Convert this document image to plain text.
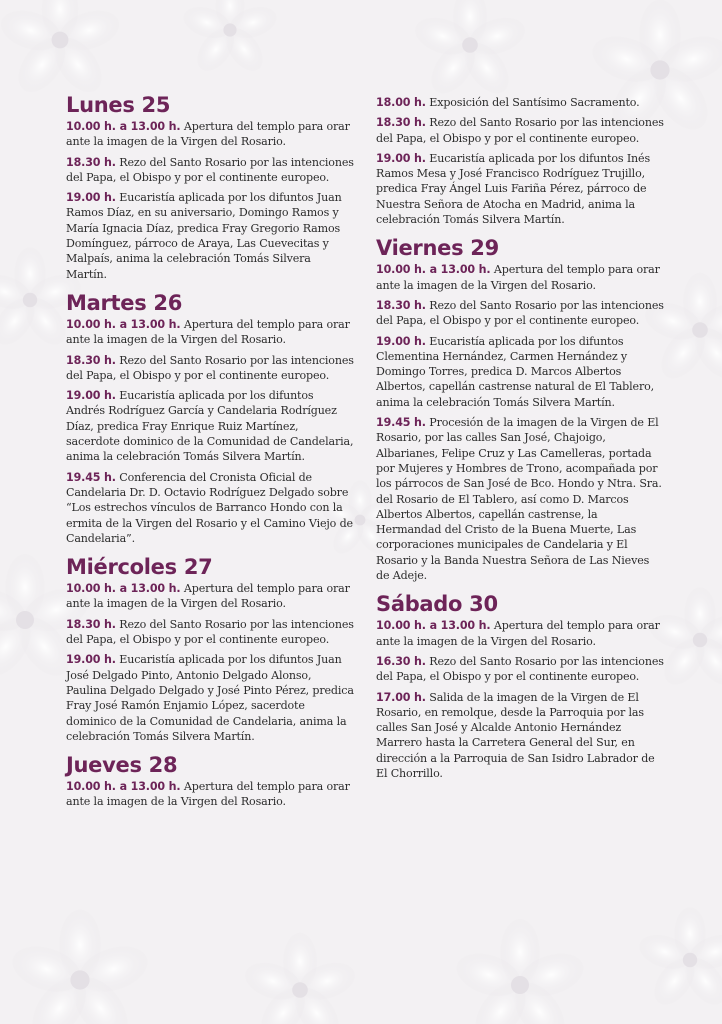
Lunes 25

10.00 h. a 13.00 h. Apertura del templo para orar ante la imagen de la Virgen del Rosario.

18.30 h. Rezo del Santo Rosario por las intenciones del Papa, el Obispo y por el continente europeo.

19.00 h. Eucaristía aplicada por los difuntos Juan Ramos Díaz, en su aniversario, Domingo Ramos y María Ignacia Díaz, predica Fray Gregorio Ramos Domínguez, párroco de Araya, Las Cuevecitas y Malpaís, anima la celebración Tomás Silvera Martín.

Martes 26

10.00 h. a 13.00 h. Apertura del templo para orar ante la imagen de la Virgen del Rosario.

18.30 h. Rezo del Santo Rosario por las intenciones del Papa, el Obispo y por el continente europeo.

19.00 h. Eucaristía aplicada por los difuntos Andrés Rodríguez García y Candelaria Rodríguez Díaz, predica Fray Enrique Ruiz Martínez, sacerdote dominico de la Comunidad de Candelaria, anima la celebración Tomás Silvera Martín.

19.45 h. Conferencia del Cronista Oficial de Candelaria Dr. D. Octavio Rodríguez Delgado sobre “Los estrechos vínculos de Barranco Hondo con la ermita de la Virgen del Rosario y el Camino Viejo de Candelaria”.

Miércoles 27

10.00 h. a 13.00 h. Apertura del templo para orar ante la imagen de la Virgen del Rosario.

18.30 h. Rezo del Santo Rosario por las intenciones del Papa, el Obispo y por el continente europeo.

19.00 h. Eucaristía aplicada por los difuntos Juan José Delgado Pinto, Antonio Delgado Alonso, Paulina Delgado Delgado y José Pinto Pérez, predica Fray José Ramón Enjamio López, sacerdote dominico de la Comunidad de Candelaria, anima la celebración Tomás Silvera Martín.

Jueves 28

10.00 h. a 13.00 h. Apertura del templo para orar ante la imagen de la Virgen del Rosario.

18.00 h. Exposición del Santísimo Sacramento.

18.30 h. Rezo del Santo Rosario por las intenciones del Papa, el Obispo y por el continente europeo.

19.00 h. Eucaristía aplicada por los difuntos Inés Ramos Mesa y José Francisco Rodríguez Trujillo, predica Fray Ángel Luis Fariña Pérez, párroco de Nuestra Señora de Atocha en Madrid, anima la celebración Tomás Silvera Martín.

Viernes 29

10.00 h. a 13.00 h. Apertura del templo para orar ante la imagen de la Virgen del Rosario.

18.30 h. Rezo del Santo Rosario por las intenciones del Papa, el Obispo y por el continente europeo.

19.00 h. Eucaristía aplicada por los difuntos Clementina Hernández, Carmen Hernández y Domingo Torres, predica D. Marcos Albertos Albertos, capellán castrense natural de El Tablero, anima la celebración Tomás Silvera Martín.

19.45 h. Procesión de la imagen de la Virgen de El Rosario, por las calles San José, Chajoigo, Albarianes, Felipe Cruz y Las Camelleras, portada por Mujeres y Hombres de Trono, acompañada por los párrocos de San José de Bco. Hondo y Ntra. Sra. del Rosario de El Tablero, así como D. Marcos Albertos Albertos, capellán castrense, la Hermandad del Cristo de la Buena Muerte, Las corporaciones municipales de Candelaria y El Rosario y la Banda Nuestra Señora de Las Nieves de Adeje.

Sábado 30

10.00 h. a 13.00 h. Apertura del templo para orar ante la imagen de la Virgen del Rosario.

16.30 h. Rezo del Santo Rosario por las intenciones del Papa, el Obispo y por el continente europeo.

17.00 h. Salida de la imagen de la Virgen de El Rosario, en remolque, desde la Parroquia por las calles San José y Alcalde Antonio Hernández Marrero hasta la Carretera General del Sur, en dirección a la Parroquia de San Isidro Labrador de El Chorrillo.
